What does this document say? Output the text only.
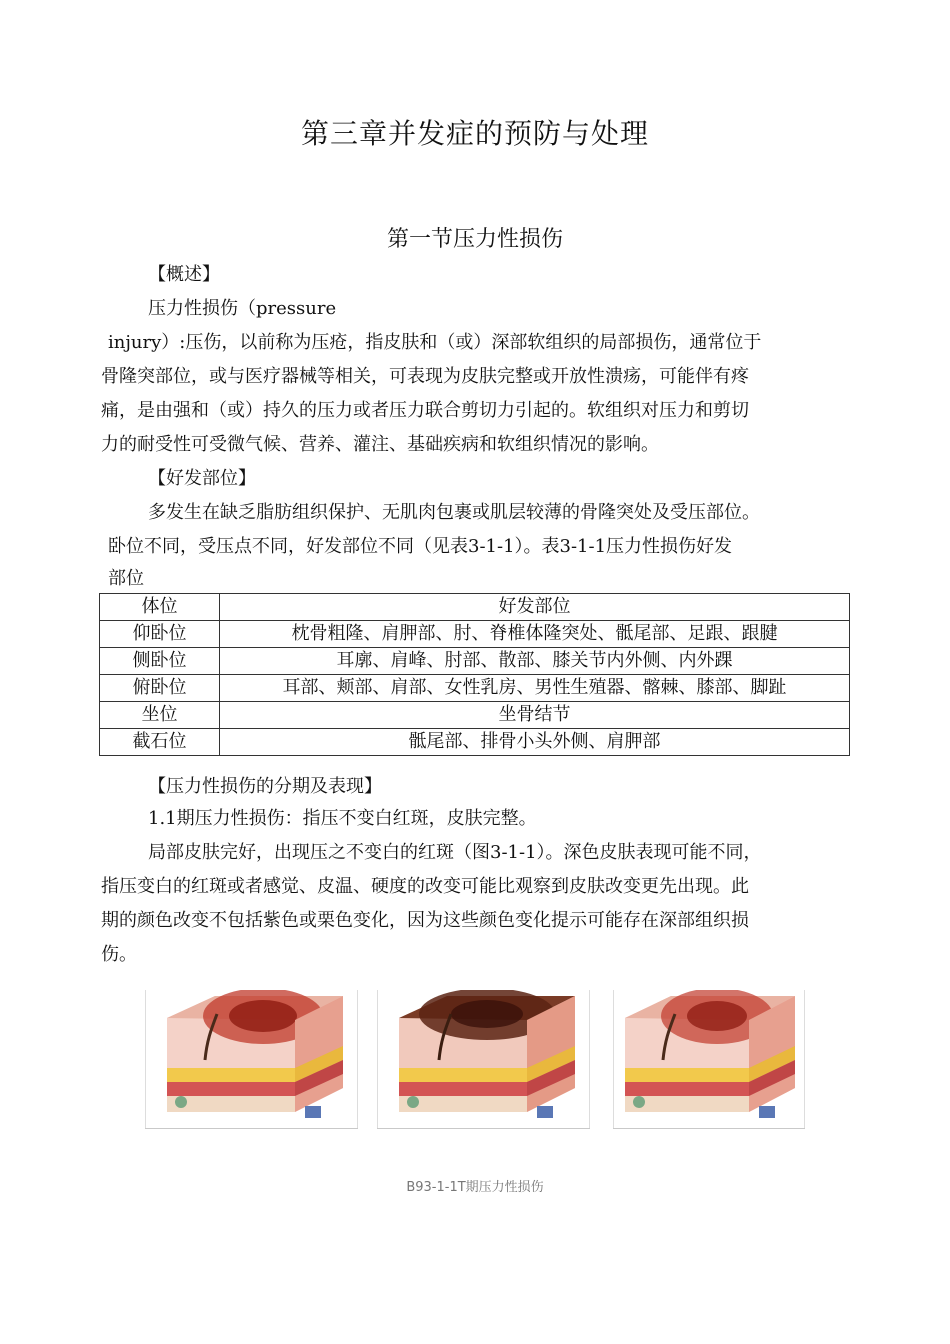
第三章并发症的预防与处理
第一节压力性损伤
【概述】
压力性损伤（pressure
injury）:压伤，以前称为压疮，指皮肤和（或）深部软组织的局部损伤，通常位于
骨隆突部位，或与医疗器械等相关，可表现为皮肤完整或开放性溃疡，可能伴有疼
痛，是由强和（或）持久的压力或者压力联合剪切力引起的。软组织对压力和剪切
力的耐受性可受微气候、营养、灌注、基础疾病和软组织情况的影响。
【好发部位】
多发生在缺乏脂肪组织保护、无肌肉包裹或肌层较薄的骨隆突处及受压部位。
卧位不同，受压点不同，好发部位不同（见表3-1-1）。表3-1-1压力性损伤好发
部位
体位	好发部位
仰卧位	枕骨粗隆、肩胛部、肘、脊椎体隆突处、骶尾部、足跟、跟腱
侧卧位	耳廓、肩峰、肘部、散部、膝关节内外侧、内外踝
俯卧位	耳部、颊部、肩部、女性乳房、男性生殖器、髂棘、膝部、脚趾
坐位	坐骨结节
截石位	骶尾部、排骨小头外侧、肩胛部
【压力性损伤的分期及表现】
1.1期压力性损伤：指压不变白红斑，皮肤完整。
局部皮肤完好，出现压之不变白的红斑（图3-1-1）。深色皮肤表现可能不同，
指压变白的红斑或者感觉、皮温、硬度的改变可能比观察到皮肤改变更先出现。此
期的颜色改变不包括紫色或栗色变化，因为这些颜色变化提示可能存在深部组织损
伤。
B93-1-1T期压力性损伤
